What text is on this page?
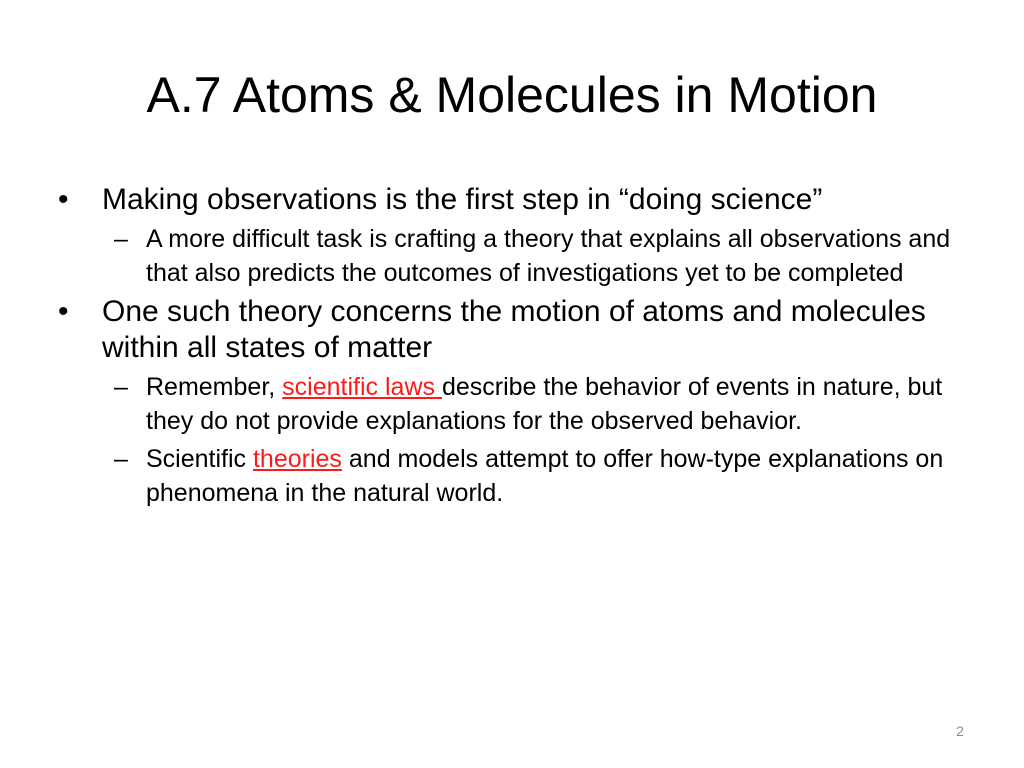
A.7 Atoms & Molecules in Motion
•	Making observations is the first step in “doing science”
– A more difficult task is crafting a theory that explains all observations and that also predicts the outcomes of investigations yet to be completed
•	One such theory concerns the motion of atoms and molecules within all states of matter
– Remember, scientific laws describe the behavior of events in nature, but they do not provide explanations for the observed behavior.
– Scientific theories and models attempt to offer how-type explanations on phenomena in the natural world.
2
